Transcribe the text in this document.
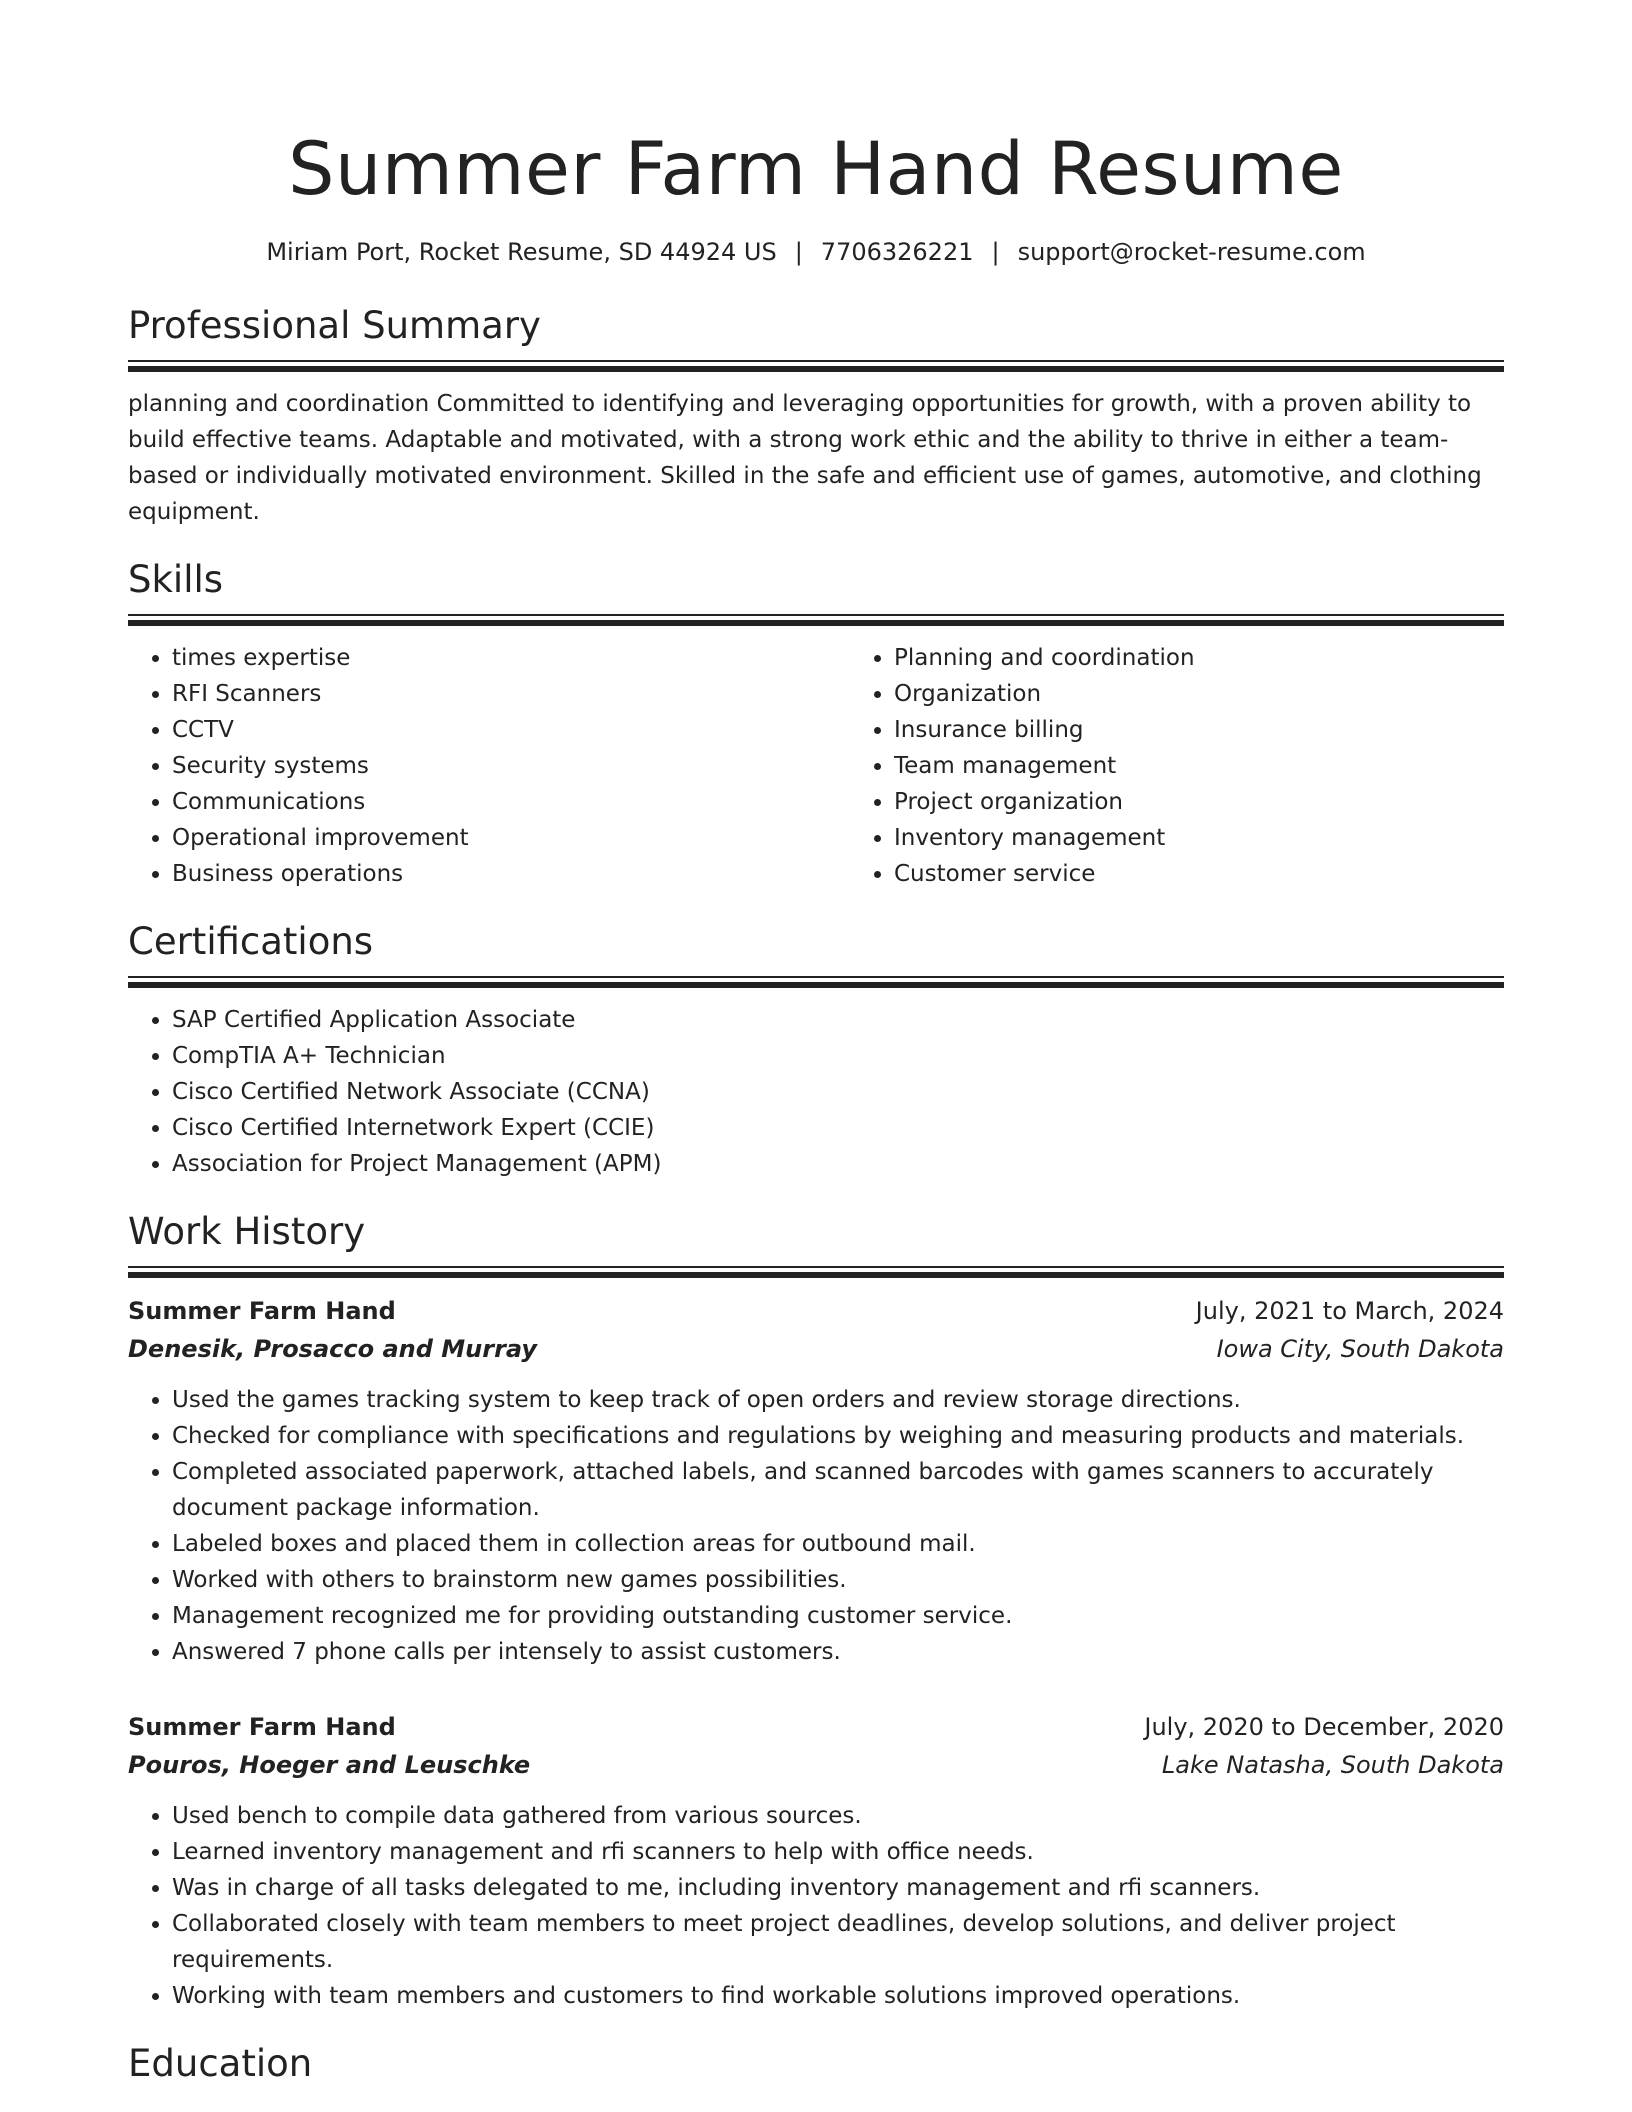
Summer Farm Hand Resume
Miriam Port, Rocket Resume, SD 44924 US | 7706326221 | support@rocket-resume.com
Professional Summary

planning and coordination Committed to identifying and leveraging opportunities for growth, with a proven ability to build effective teams. Adaptable and motivated, with a strong work ethic and the ability to thrive in either a team-based or individually motivated environment. Skilled in the safe and efficient use of games, automotive, and clothing equipment.

Skills
• times expertise
• RFI Scanners
• CCTV
• Security systems
• Communications
• Operational improvement
• Business operations
• Planning and coordination
• Organization
• Insurance billing
• Team management
• Project organization
• Inventory management
• Customer service
Certifications
• SAP Certified Application Associate
• CompTIA A+ Technician
• Cisco Certified Network Associate (CCNA)
• Cisco Certified Internetwork Expert (CCIE)
• Association for Project Management (APM)
Work History
Summer Farm Hand	July, 2021 to March, 2024
Denesik, Prosacco and Murray	Iowa City, South Dakota
• Used the games tracking system to keep track of open orders and review storage directions.
• Checked for compliance with specifications and regulations by weighing and measuring products and materials.
• Completed associated paperwork, attached labels, and scanned barcodes with games scanners to accurately document package information.
• Labeled boxes and placed them in collection areas for outbound mail.
• Worked with others to brainstorm new games possibilities.
• Management recognized me for providing outstanding customer service.
• Answered 7 phone calls per intensely to assist customers.
Summer Farm Hand	July, 2020 to December, 2020
Pouros, Hoeger and Leuschke	Lake Natasha, South Dakota
• Used bench to compile data gathered from various sources.
• Learned inventory management and rfi scanners to help with office needs.
• Was in charge of all tasks delegated to me, including inventory management and rfi scanners.
• Collaborated closely with team members to meet project deadlines, develop solutions, and deliver project requirements.
• Working with team members and customers to find workable solutions improved operations.
Education
